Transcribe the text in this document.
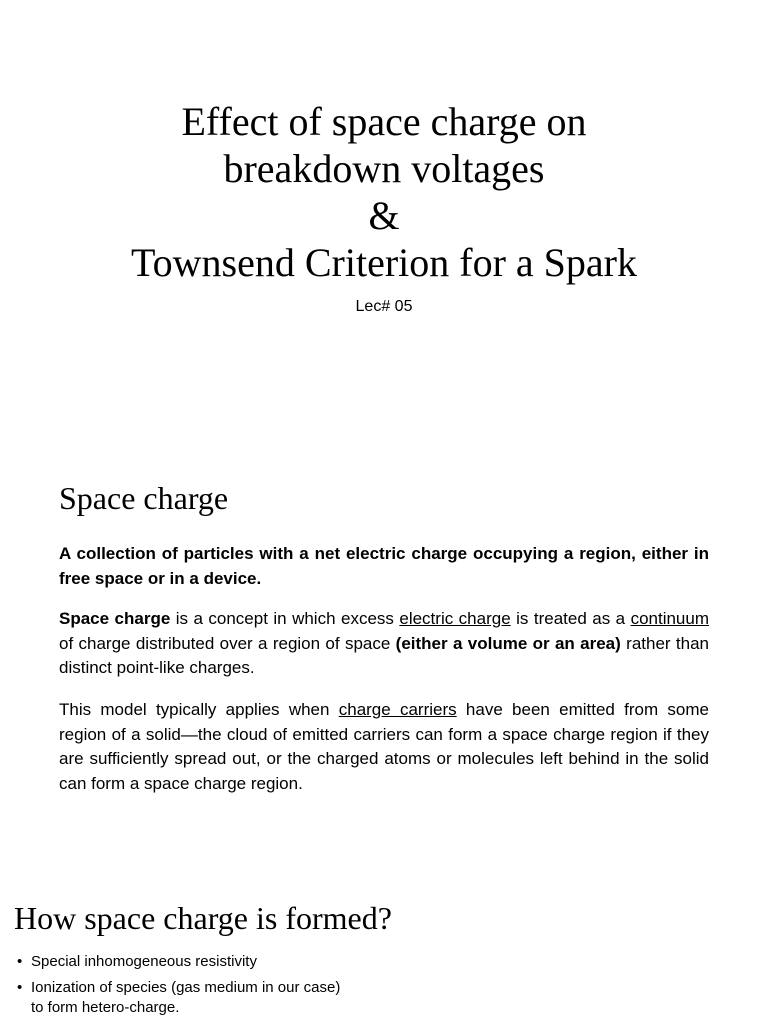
Effect of space charge on
breakdown voltages
&
Townsend Criterion for a Spark
Lec# 05
Space charge
A collection of particles with a net electric charge occupying a region, either in free space or in a device.
Space charge is a concept in which excess electric charge is treated as a continuum of charge distributed over a region of space (either a volume or an area) rather than distinct point-like charges.
This model typically applies when charge carriers have been emitted from some region of a solid—the cloud of emitted carriers can form a space charge region if they are sufficiently spread out, or the charged atoms or molecules left behind in the solid can form a space charge region.
How space charge is formed?
• Special inhomogeneous resistivity
• Ionization of species (gas medium in our case) to form hetero-charge.
